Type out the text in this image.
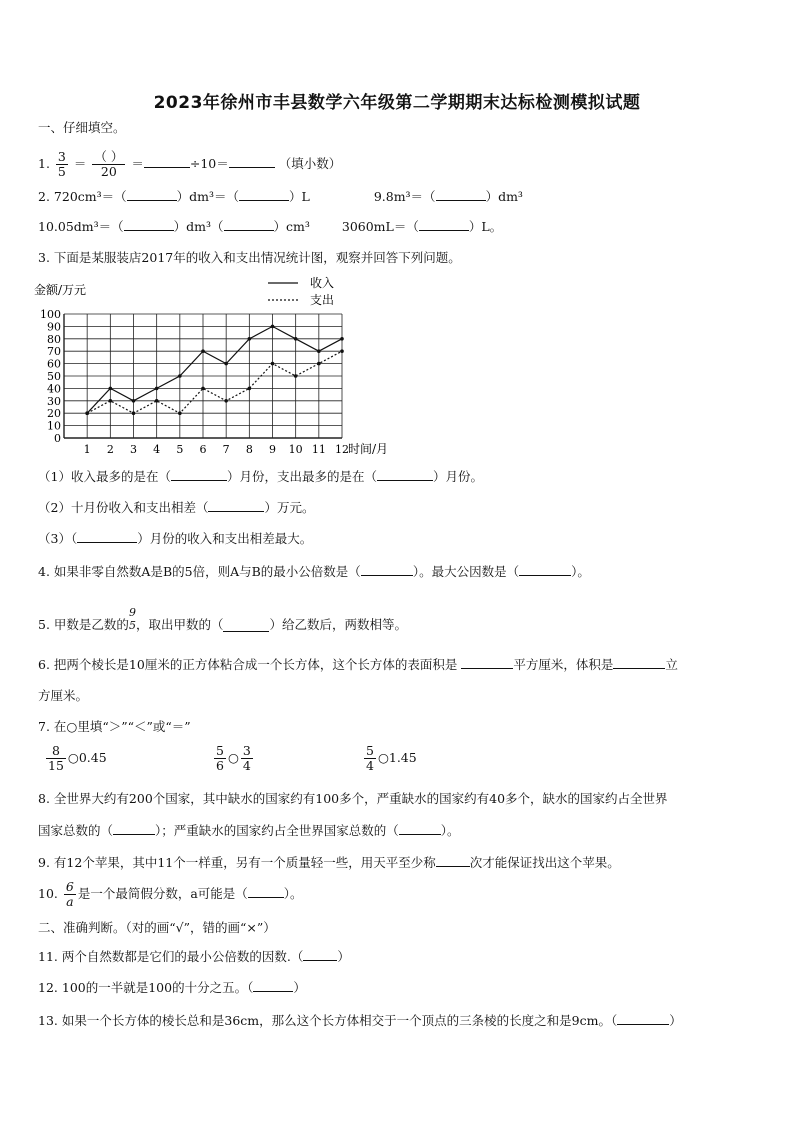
2023年徐州市丰县数学六年级第二学期期末达标检测模拟试题
一、仔细填空。
1. $\frac{3}{5} = \frac{( )}{20}$ ＝	÷10＝	（填小数）
2. 720cm³＝（	）dm³＝（	）L	9.8m³＝（	）dm³
10.05dm³＝（	）dm³（	）cm³	3060mL＝（	）L。
3. 下面是某服装店2017年的收入和支出情况统计图，观察并回答下列问题。
金额/万元	收入
支出
0
10
20
30
40
50
60
70
80
90
100
1 2 3 4 5 6 7 8 9 10 11 12 时间/月
（1）收入最多的是在（	）月份，支出最多的是在（	）月份。
（2）十月份收入和支出相差（	）万元。
（3）（	）月份的收入和支出相差最大。
4. 如果非零自然数A是B的5倍，则A与B的最小公倍数是（	）。最大公因数是（	）。
5. 甲数是乙数的
9
5 ，取出甲数的（	）给乙数后，两数相等。
6. 把两个棱长是10厘米的正方体粘合成一个长方体，这个长方体的表面积是	平方厘米，体积是	立
方厘米。
7. 在○里填“＞”“＜”或“＝”
$\frac{8}{15}$ ○0.45	$\frac{5}{6}$ ○ $\frac{3}{4}$	$\frac{5}{4}$ ○1.45
8. 全世界大约有200个国家，其中缺水的国家约有100多个，严重缺水的国家约有40多个，缺水的国家约占全世界
国家总数的（	）；严重缺水的国家约占全世界国家总数的（	）。
9. 有12个苹果，其中11个一样重，另有一个质量轻一些，用天平至少称	次才能保证找出这个苹果。
10. $\frac{6}{a}$ 是一个最简假分数，a可能是（	）。
二、准确判断。（对的画“√”，错的画“×”）
11. 两个自然数都是它们的最小公倍数的因数.（	）
12. 100的一半就是100的十分之五。（	）
13. 如果一个长方体的棱长总和是36cm，那么这个长方体相交于一个顶点的三条棱的长度之和是9cm。（	）
